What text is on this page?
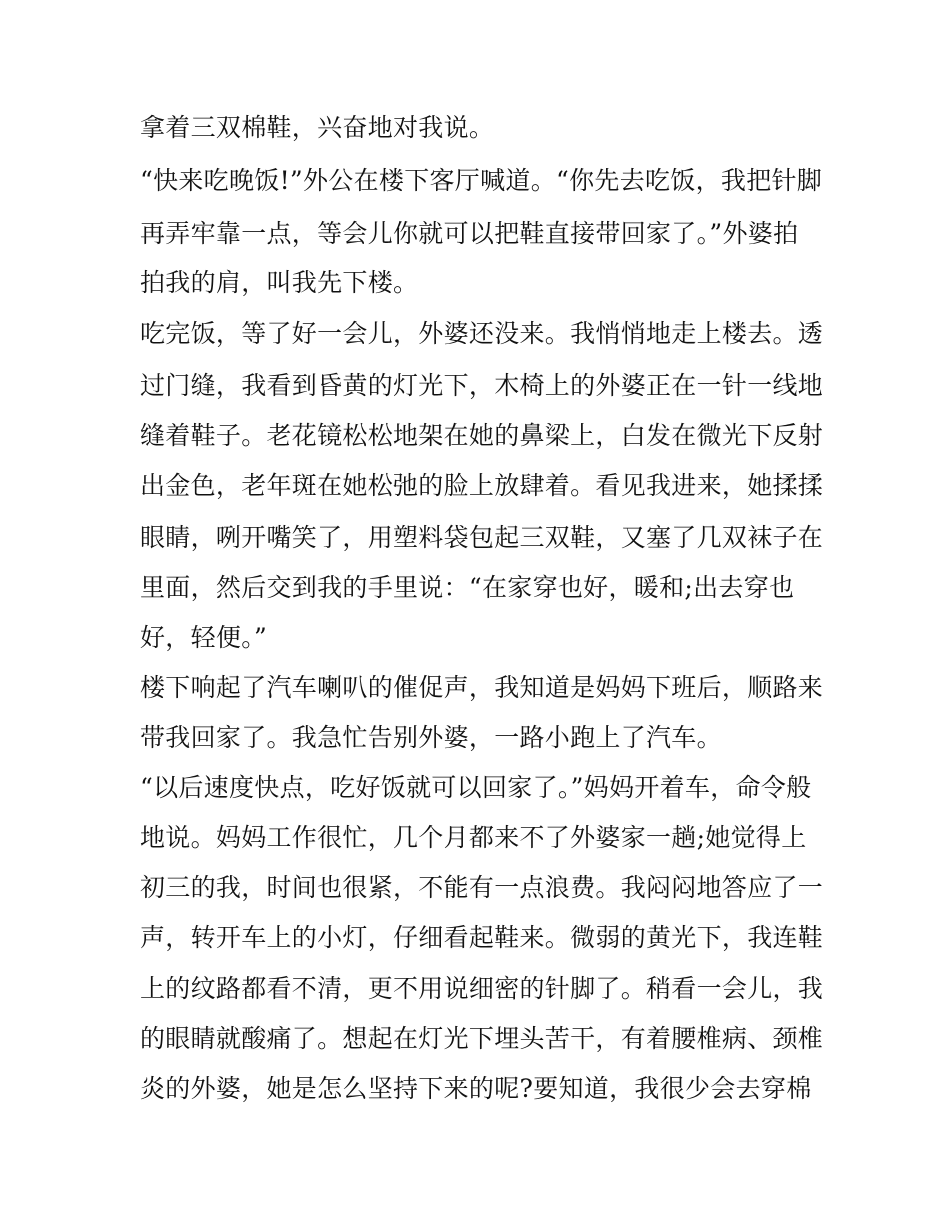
拿着三双棉鞋，兴奋地对我说。
“快来吃晚饭!”外公在楼下客厅喊道。“你先去吃饭，我把针脚
再弄牢靠一点，等会儿你就可以把鞋直接带回家了。”外婆拍
拍我的肩，叫我先下楼。
吃完饭，等了好一会儿，外婆还没来。我悄悄地走上楼去。透
过门缝，我看到昏黄的灯光下，木椅上的外婆正在一针一线地
缝着鞋子。老花镜松松地架在她的鼻梁上，白发在微光下反射
出金色，老年斑在她松弛的脸上放肆着。看见我进来，她揉揉
眼睛，咧开嘴笑了，用塑料袋包起三双鞋，又塞了几双袜子在
里面，然后交到我的手里说：“在家穿也好，暖和;出去穿也
好，轻便。”
楼下响起了汽车喇叭的催促声，我知道是妈妈下班后，顺路来
带我回家了。我急忙告别外婆，一路小跑上了汽车。
“以后速度快点，吃好饭就可以回家了。”妈妈开着车，命令般
地说。妈妈工作很忙，几个月都来不了外婆家一趟;她觉得上
初三的我，时间也很紧，不能有一点浪费。我闷闷地答应了一
声，转开车上的小灯，仔细看起鞋来。微弱的黄光下，我连鞋
上的纹路都看不清，更不用说细密的针脚了。稍看一会儿，我
的眼睛就酸痛了。想起在灯光下埋头苦干，有着腰椎病、颈椎
炎的外婆，她是怎么坚持下来的呢?要知道，我很少会去穿棉
